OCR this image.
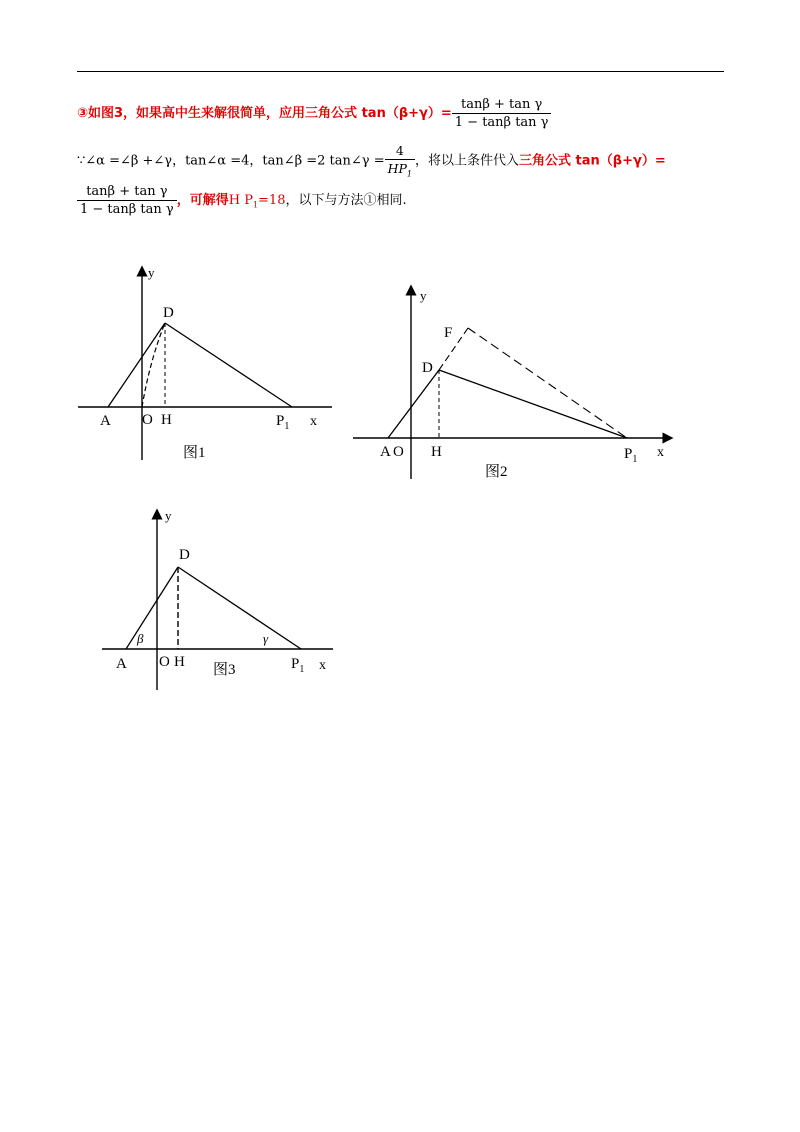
③如图3，如果高中生来解很简单，应用三角公式 $\tan(\beta+\gamma)= \frac{\text{tanβ + tan γ}}{\text{1 − tanβ tan γ}}$
∵∠α =∠β +∠γ，tan∠α =4，tan∠β =2 tan∠γ = $\frac{4}{HP_1}$ ，将以上条件代入三角公式 tan（β+γ）=
$\frac{\text{tanβ + tan γ}}{\text{1 − tanβ tan γ}}$ ，可解得H $P_1=18$，以下与方法①相同.
y
x
D
A O H	$P_1$
图1
y
x
F
D
A O H	$P_1$
图2
y
x
D
A O H
β	γ
$P_1$
图3
